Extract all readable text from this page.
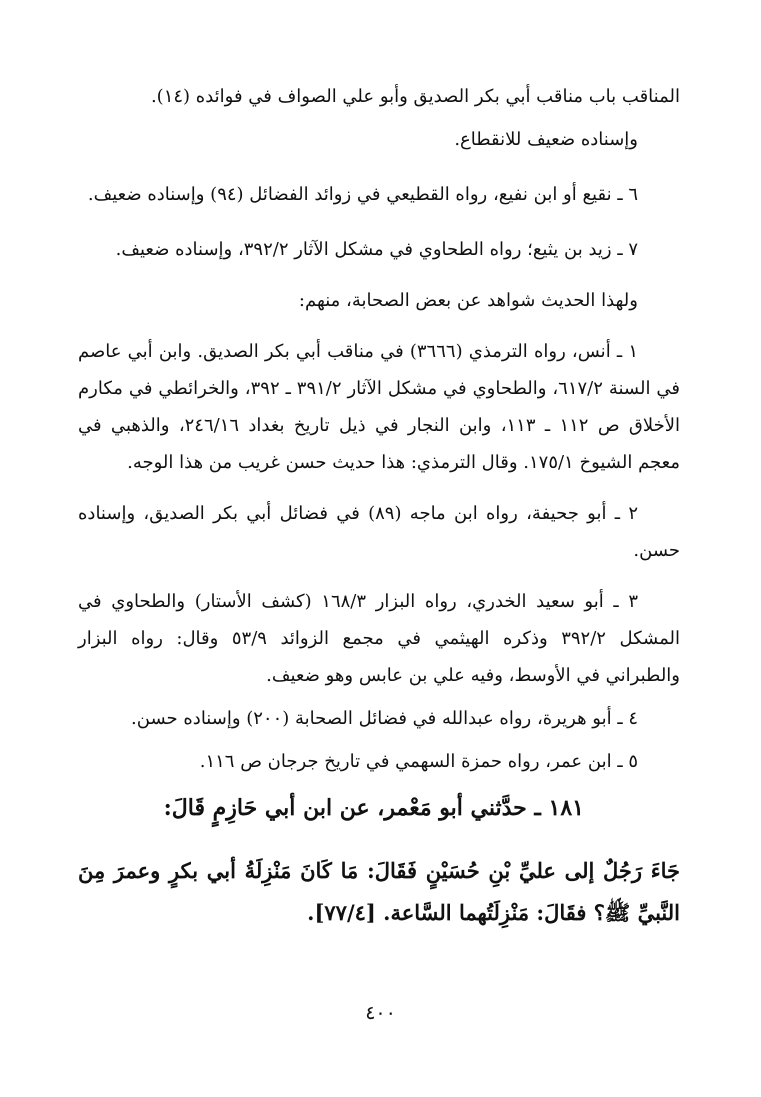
المناقب باب مناقب أبي بكر الصديق وأبو علي الصواف في فوائده (١٤).

وإسناده ضعيف للانقطاع.

٦ ـ نقيع أو ابن نفيع، رواه القطيعي في زوائد الفضائل (٩٤) وإسناده ضعيف.

٧ ـ زيد بن يثيع؛ رواه الطحاوي في مشكل الآثار ٣٩٢/٢، وإسناده ضعيف.

ولهذا الحديث شواهد عن بعض الصحابة، منهم:

١ ـ أنس، رواه الترمذي (٣٦٦٦) في مناقب أبي بكر الصديق. وابن أبي عاصم في السنة ٦١٧/٢، والطحاوي في مشكل الآثار ٣٩١/٢ ـ ٣٩٢، والخرائطي في مكارم الأخلاق ص ١١٢ ـ ١١٣، وابن النجار في ذيل تاريخ بغداد ٢٤٦/١٦، والذهبي في معجم الشيوخ ١٧٥/١. وقال الترمذي: هذا حديث حسن غريب من هذا الوجه.

٢ ـ أبو جحيفة، رواه ابن ماجه (٨٩) في فضائل أبي بكر الصديق، وإسناده حسن.

٣ ـ أبو سعيد الخدري، رواه البزار ١٦٨/٣ (كشف الأستار) والطحاوي في المشكل ٣٩٢/٢ وذكره الهيثمي في مجمع الزوائد ٥٣/٩ وقال: رواه البزار والطبراني في الأوسط، وفيه علي بن عابس وهو ضعيف.

٤ ـ أبو هريرة، رواه عبدالله في فضائل الصحابة (٢٠٠) وإسناده حسن.

٥ ـ ابن عمر، رواه حمزة السهمي في تاريخ جرجان ص ١١٦.

١٨١ ـ حدَّثني أبو مَعْمر، عن ابن أبي حَازِمٍ قَالَ:

جَاءَ رَجُلٌ إلى عليِّ بْنِ حُسَيْنٍ فَقَالَ: مَا كَانَ مَنْزِلَةُ أبي بكرٍ وعمرَ مِنَ النَّبيِّ ﷺ؟ فقَالَ: مَنْزِلَتُهما السَّاعة. [٧٧/٤].

٤٠٠
